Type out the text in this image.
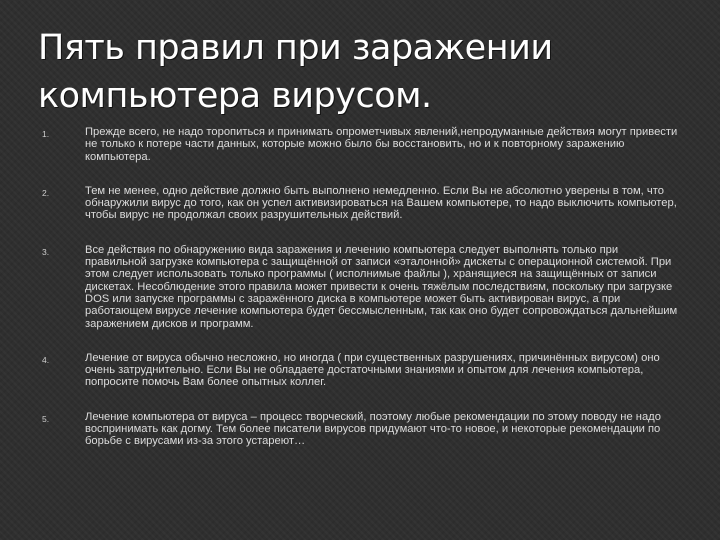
Пять правил при заражении
компьютера вирусом.
1.	Прежде всего, не надо торопиться и принимать опрометчивых явлений,непродуманные действия могут привести не только к потере части данных, которые можно было бы восстановить, но и к повторному заражению компьютера.
2.	Тем не менее, одно действие должно быть выполнено немедленно. Если Вы не абсолютно уверены в том, что обнаружили вирус до того, как он успел активизироваться на Вашем компьютере, то надо выключить компьютер, чтобы вирус не продолжал своих разрушительных действий.
3.	Все действия по обнаружению вида заражения и лечению компьютера следует выполнять только при правильной загрузке компьютера с защищённой от записи «эталонной» дискеты с операционной системой. При этом следует использовать только программы ( исполнимые файлы ), хранящиеся на защищённых от записи дискетах. Несоблюдение этого правила может привести к очень тяжёлым последствиям, поскольку при загрузке DOS или запуске программы с заражённого диска в компьютере может быть активирован вирус, а при работающем вирусе лечение компьютера будет бессмысленным, так как оно будет сопровождаться дальнейшим заражением дисков и программ.
4.	Лечение от вируса обычно несложно, но иногда ( при существенных разрушениях, причинённых вирусом) оно очень затруднительно. Если Вы не обладаете достаточными знаниями и опытом для лечения компьютера, попросите помочь Вам более опытных коллег.
5.	Лечение компьютера от вируса – процесс творческий, поэтому любые рекомендации по этому поводу не надо воспринимать как догму. Тем более писатели вирусов придумают что-то новое, и некоторые рекомендации по борьбе с вирусами из-за этого устареют…
